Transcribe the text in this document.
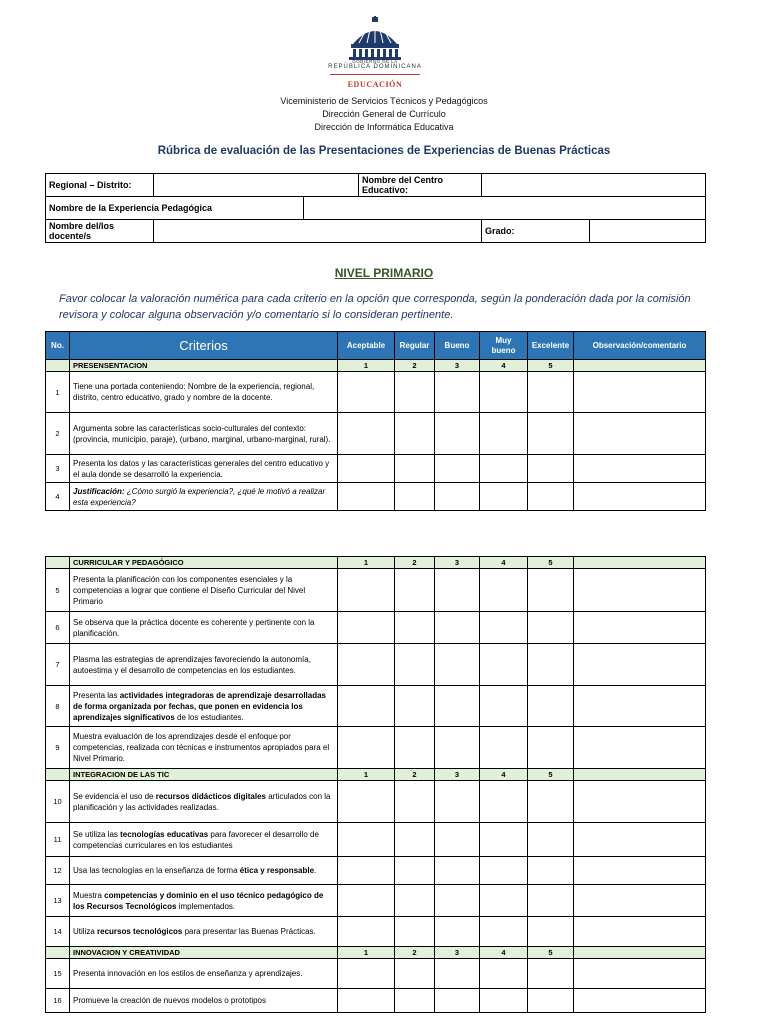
GOBIERNO DE LA
REPÚBLICA DOMINICANA
EDUCACIÓN
Viceministerio de Servicios Técnicos y Pedagógicos
Dirección General de Currículo
Dirección de Informática Educativa
Rúbrica de evaluación de las Presentaciones de Experiencias de Buenas Prácticas
Regional – Distrito:			Nombre del Centro Educativo:		
Nombre de la Experiencia Pedagógica					
Nombre del/los docente/s				Grado:	
NIVEL PRIMARIO
Favor colocar la valoración numérica para cada criterio en la opción que corresponda, según la ponderación dada por la comisión revisora y colocar alguna observación y/o comentario si lo consideran pertinente.
No.	Criterios	Aceptable	Regular	Bueno	Muy bueno	Excelente	Observación/comentario
	PRESENSENTACION	1	2	3	4	5	
1	Tiene una portada conteniendo: Nombre de la experiencia, regional, distrito, centro educativo, grado y nombre de la docente.						
2	Argumenta sobre las características socio-culturales del contexto:(provincia, municipio, paraje), (urbano, marginal, urbano-marginal, rural).						
3	Presenta los datos y las características generales del centro educativo y el aula donde se desarrolló la experiencia.						
4	Justificación: ¿Cómo surgió la experiencia?, ¿qué le motivó a realizar esta experiencia?						
	CURRICULAR Y PEDAGÓGICO	1	2	3	4	5	
5	Presenta la planificación con los componentes esenciales y la competencias a lograr que contiene el Diseño Curricular del Nivel Primario						
6	Se observa que la práctica docente es coherente y pertinente con la planificación.						
7	Plasma las estrategias de aprendizajes favoreciendo la autonomía, autoestima y el desarrollo de competencias en los estudiantes.						
8	Presenta las actividades integradoras de aprendizaje desarrolladas de forma organizada por fechas, que ponen en evidencia los aprendizajes significativos de los estudiantes.						
9	Muestra evaluación de los aprendizajes desde el enfoque por competencias, realizada con técnicas e instrumentos apropiados para el Nivel Primario.						
	INTEGRACION DE LAS TIC	1	2	3	4	5	
10	Se evidencia el uso de recursos didácticos digitales articulados con la planificación y las actividades realizadas.						
11	Se utiliza las tecnologías educativas para favorecer el desarrollo de competencias curriculares en los estudiantes						
12	Usa las tecnologías en la enseñanza de forma ética y responsable.						
13	Muestra competencias y dominio en el uso técnico pedagógico de los Recursos Tecnológicos implementados.						
14	Utiliza recursos tecnológicos para presentar las Buenas Prácticas.						
	INNOVACION Y CREATIVIDAD	1	2	3	4	5	
15	Presenta innovación en los estilos de enseñanza y aprendizajes.						
16	Promueve la creación de nuevos modelos o prototipos						
